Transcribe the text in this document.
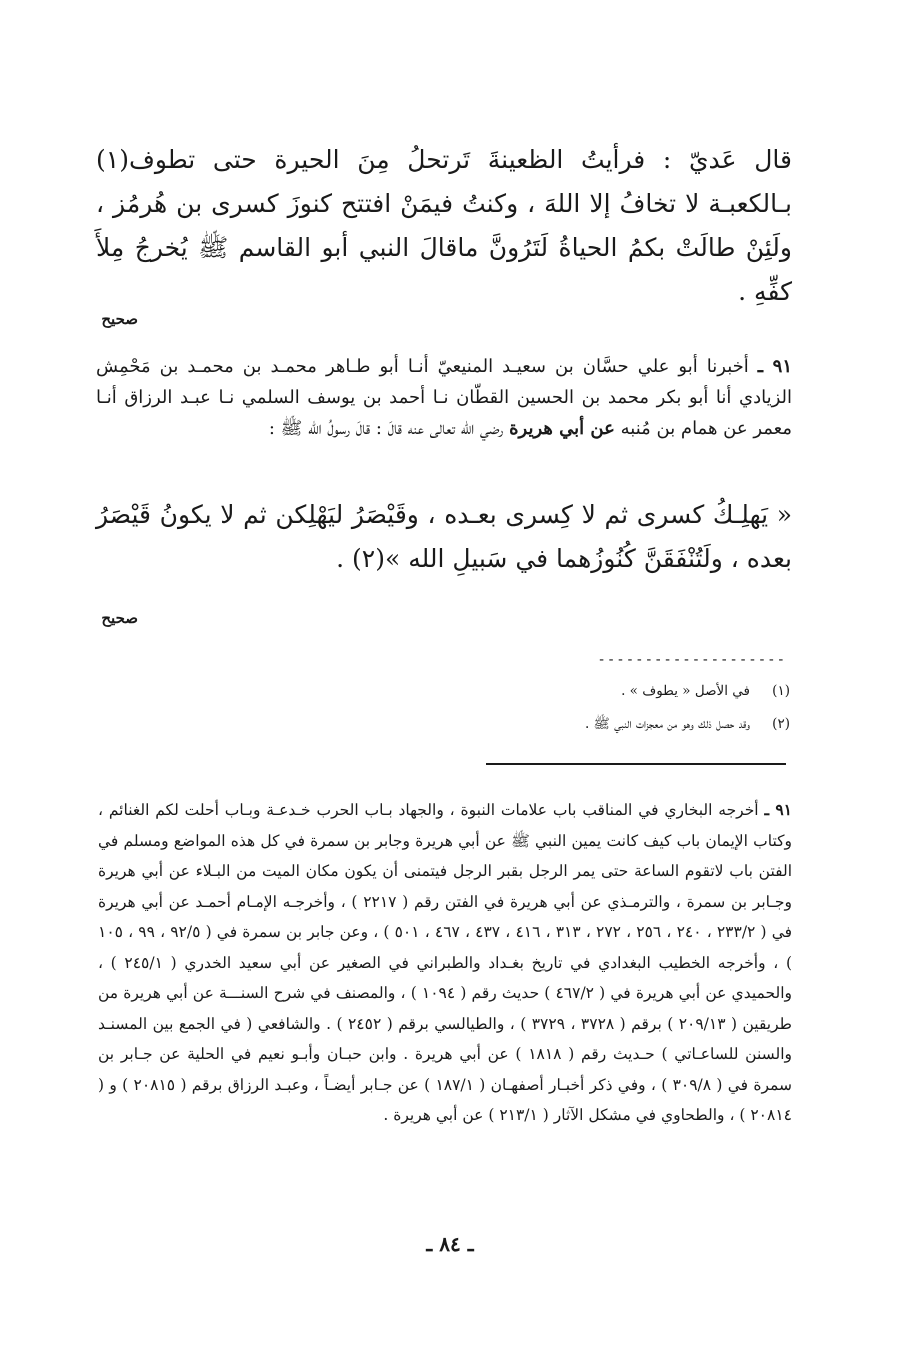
قال عَديّ : فرأيتُ الظعينةَ تَرتحلُ مِنَ الحيرة حتى تطوف(١) بـالكعبـة لا تخافُ إلا اللهَ ، وكنتُ فيمَنْ افتتح كنوزَ كسرى بن هُرمُز ، ولَئِنْ طالَتْ بكمُ الحياةُ لَتَرُونَّ ماقالَ النبي أبو القاسم ﷺ يُخرجُ مِلأَ كفِّهِ .
صحيح
٩١ ـ أخبرنا أبو علي حسَّان بن سعيـد المنيعيّ أنـا أبو طـاهر محمـد بن محمـد بن مَحْمِش الزيادي أنا أبو بكر محمد بن الحسين القطّان نـا أحمد بن يوسف السلمي نـا عبـد الرزاق أنـا معمر عن همام بن مُنبه عن أبي هريرة رضي الله تعالى عنه قالَ : قالَ رسولُ الله ﷺ :
« يَهلِـكُ كسرى ثم لا كِسرى بعـده ، وقَيْصَرُ ليَهْلِكن ثم لا يكونُ قَيْصَرُ بعده ، ولَتُنْفَقَنَّ كُنُوزُهما في سَبيلِ الله »(٢) .
صحيح
--------------------
(١)في الأصل « يطوف » .
(٢)وقد حصل ذلك وهو من معجزات النبي ﷺ .
٩١ ـ أخرجه البخاري في المناقب باب علامات النبوة ، والجهاد بـاب الحرب خـدعـة وبـاب أحلت لكم الغنائم ، وكتاب الإيمان باب كيف كانت يمين النبي ﷺ عن أبي هريرة وجابر بن سمرة في كل هذه المواضع ومسلم في الفتن باب لاتقوم الساعة حتى يمر الرجل بقبر الرجل فيتمنى أن يكون مكان الميت من البـلاء عن أبي هريرة وجـابر بن سمرة ، والترمـذي عن أبي هريرة في الفتن رقم ( ٢٢١٧ ) ، وأخرجـه الإمـام أحمـد عن أبي هريرة في ( ٢٣٣/٢ ، ٢٤٠ ، ٢٥٦ ، ٢٧٢ ، ٣١٣ ، ٤١٦ ، ٤٣٧ ، ٤٦٧ ، ٥٠١ ) ، وعن جابر بن سمرة في ( ٩٢/٥ ، ٩٩ ، ١٠٥ ) ، وأخرجه الخطيب البغدادي في تاريخ بغـداد والطبراني في الصغير عن أبي سعيد الخدري ( ٢٤٥/١ ) ، والحميدي عن أبي هريرة في ( ٤٦٧/٢ ) حديث رقم ( ١٠٩٤ ) ، والمصنف في شرح السنـــة عن أبي هريرة من طريقين ( ٢٠٩/١٣ ) برقم ( ٣٧٢٨ ، ٣٧٢٩ ) ، والطيالسي برقم ( ٢٤٥٢ ) . والشافعي ( في الجمع بين المسنـد والسنن للساعـاتي ) حـديث رقم ( ١٨١٨ ) عن أبي هريرة . وابن حبـان وأبـو نعيم في الحلية عن جـابر بن سمرة في ( ٣٠٩/٨ ) ، وفي ذكر أخبـار أصفهـان ( ١٨٧/١ ) عن جـابر أيضـاً ، وعبـد الرزاق برقم ( ٢٠٨١٥ ) و ( ٢٠٨١٤ ) ، والطحاوي في مشكل الآثار ( ٢١٣/١ ) عن أبي هريرة .
ـ ٨٤ ـ
